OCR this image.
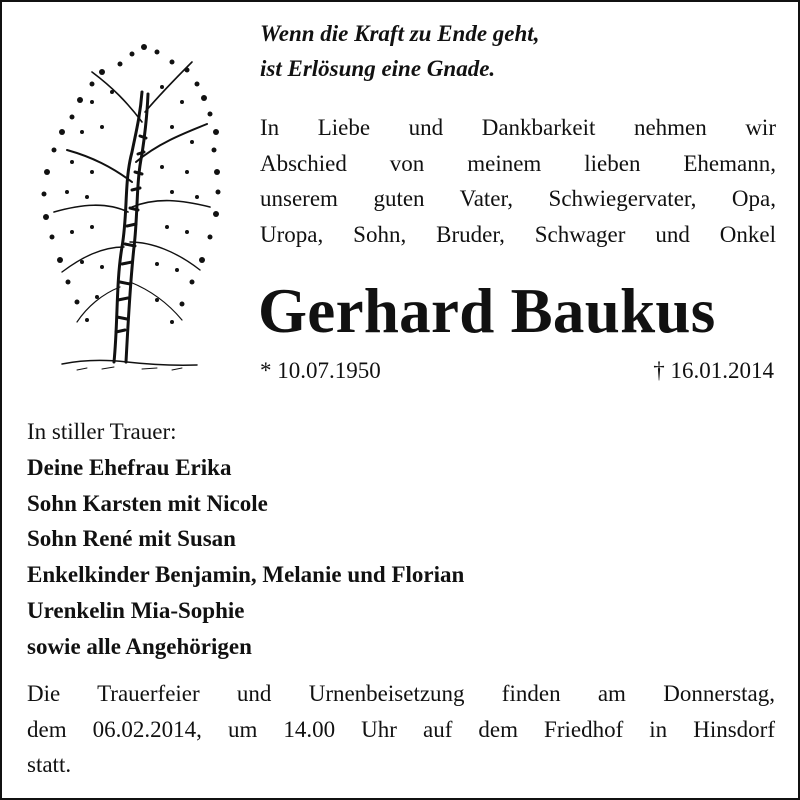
Wenn die Kraft zu Ende geht,
ist Erlösung eine Gnade.
In Liebe und Dankbarkeit nehmen wir
Abschied von meinem lieben Ehemann,
unserem guten Vater, Schwiegervater, Opa,
Uropa, Sohn, Bruder, Schwager und Onkel
Gerhard Baukus
* 10.07.1950	† 16.01.2014
In stiller Trauer:
Deine Ehefrau Erika
Sohn Karsten mit Nicole
Sohn René mit Susan
Enkelkinder Benjamin, Melanie und Florian
Urenkelin Mia-Sophie
sowie alle Angehörigen
Die Trauerfeier und Urnenbeisetzung finden am Donnerstag,
dem 06.02.2014, um 14.00 Uhr auf dem Friedhof in Hinsdorf
statt.
